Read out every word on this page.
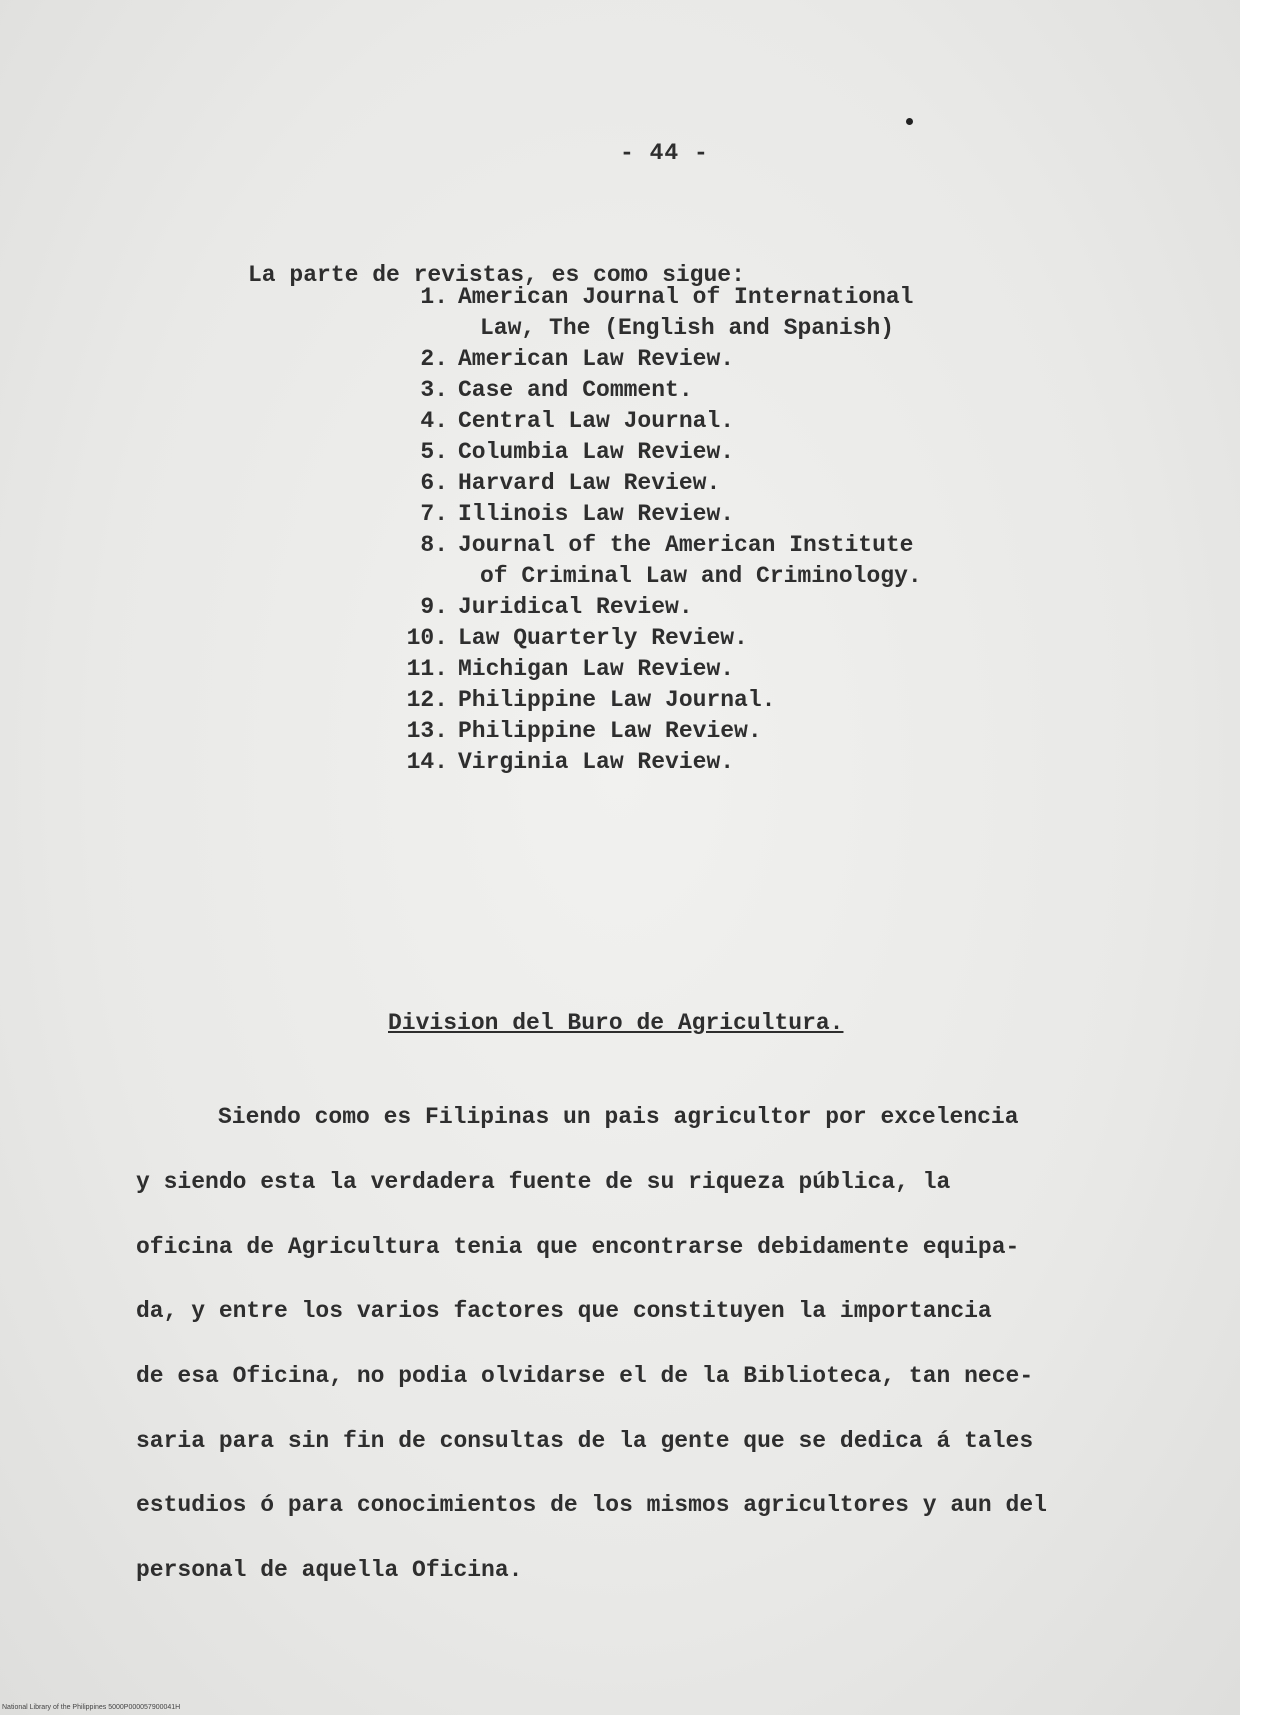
- 44 -
La parte de revistas, es como sigue:
1. American Journal of International
Law, The (English and Spanish)
2. American Law Review.
3. Case and Comment.
4. Central Law Journal.
5. Columbia Law Review.
6. Harvard Law Review.
7. Illinois Law Review.
8. Journal of the American Institute
of Criminal Law and Criminology.
9. Juridical Review.
10. Law Quarterly Review.
11. Michigan Law Review.
12. Philippine Law Journal.
13. Philippine Law Review.
14. Virginia Law Review.
Division del Buro de Agricultura.
Siendo como es Filipinas un pais agricultor por excelencia
y siendo esta la verdadera fuente de su riqueza pública, la
oficina de Agricultura tenia que encontrarse debidamente equipa-
da, y entre los varios factores que constituyen la importancia
de esa Oficina, no podia olvidarse el de la Biblioteca, tan nece-
saria para sin fin de consultas de la gente que se dedica á tales
estudios ó para conocimientos de los mismos agricultores y aun del
personal de aquella Oficina.
National Library of the Philippines 5000P000057900041H
